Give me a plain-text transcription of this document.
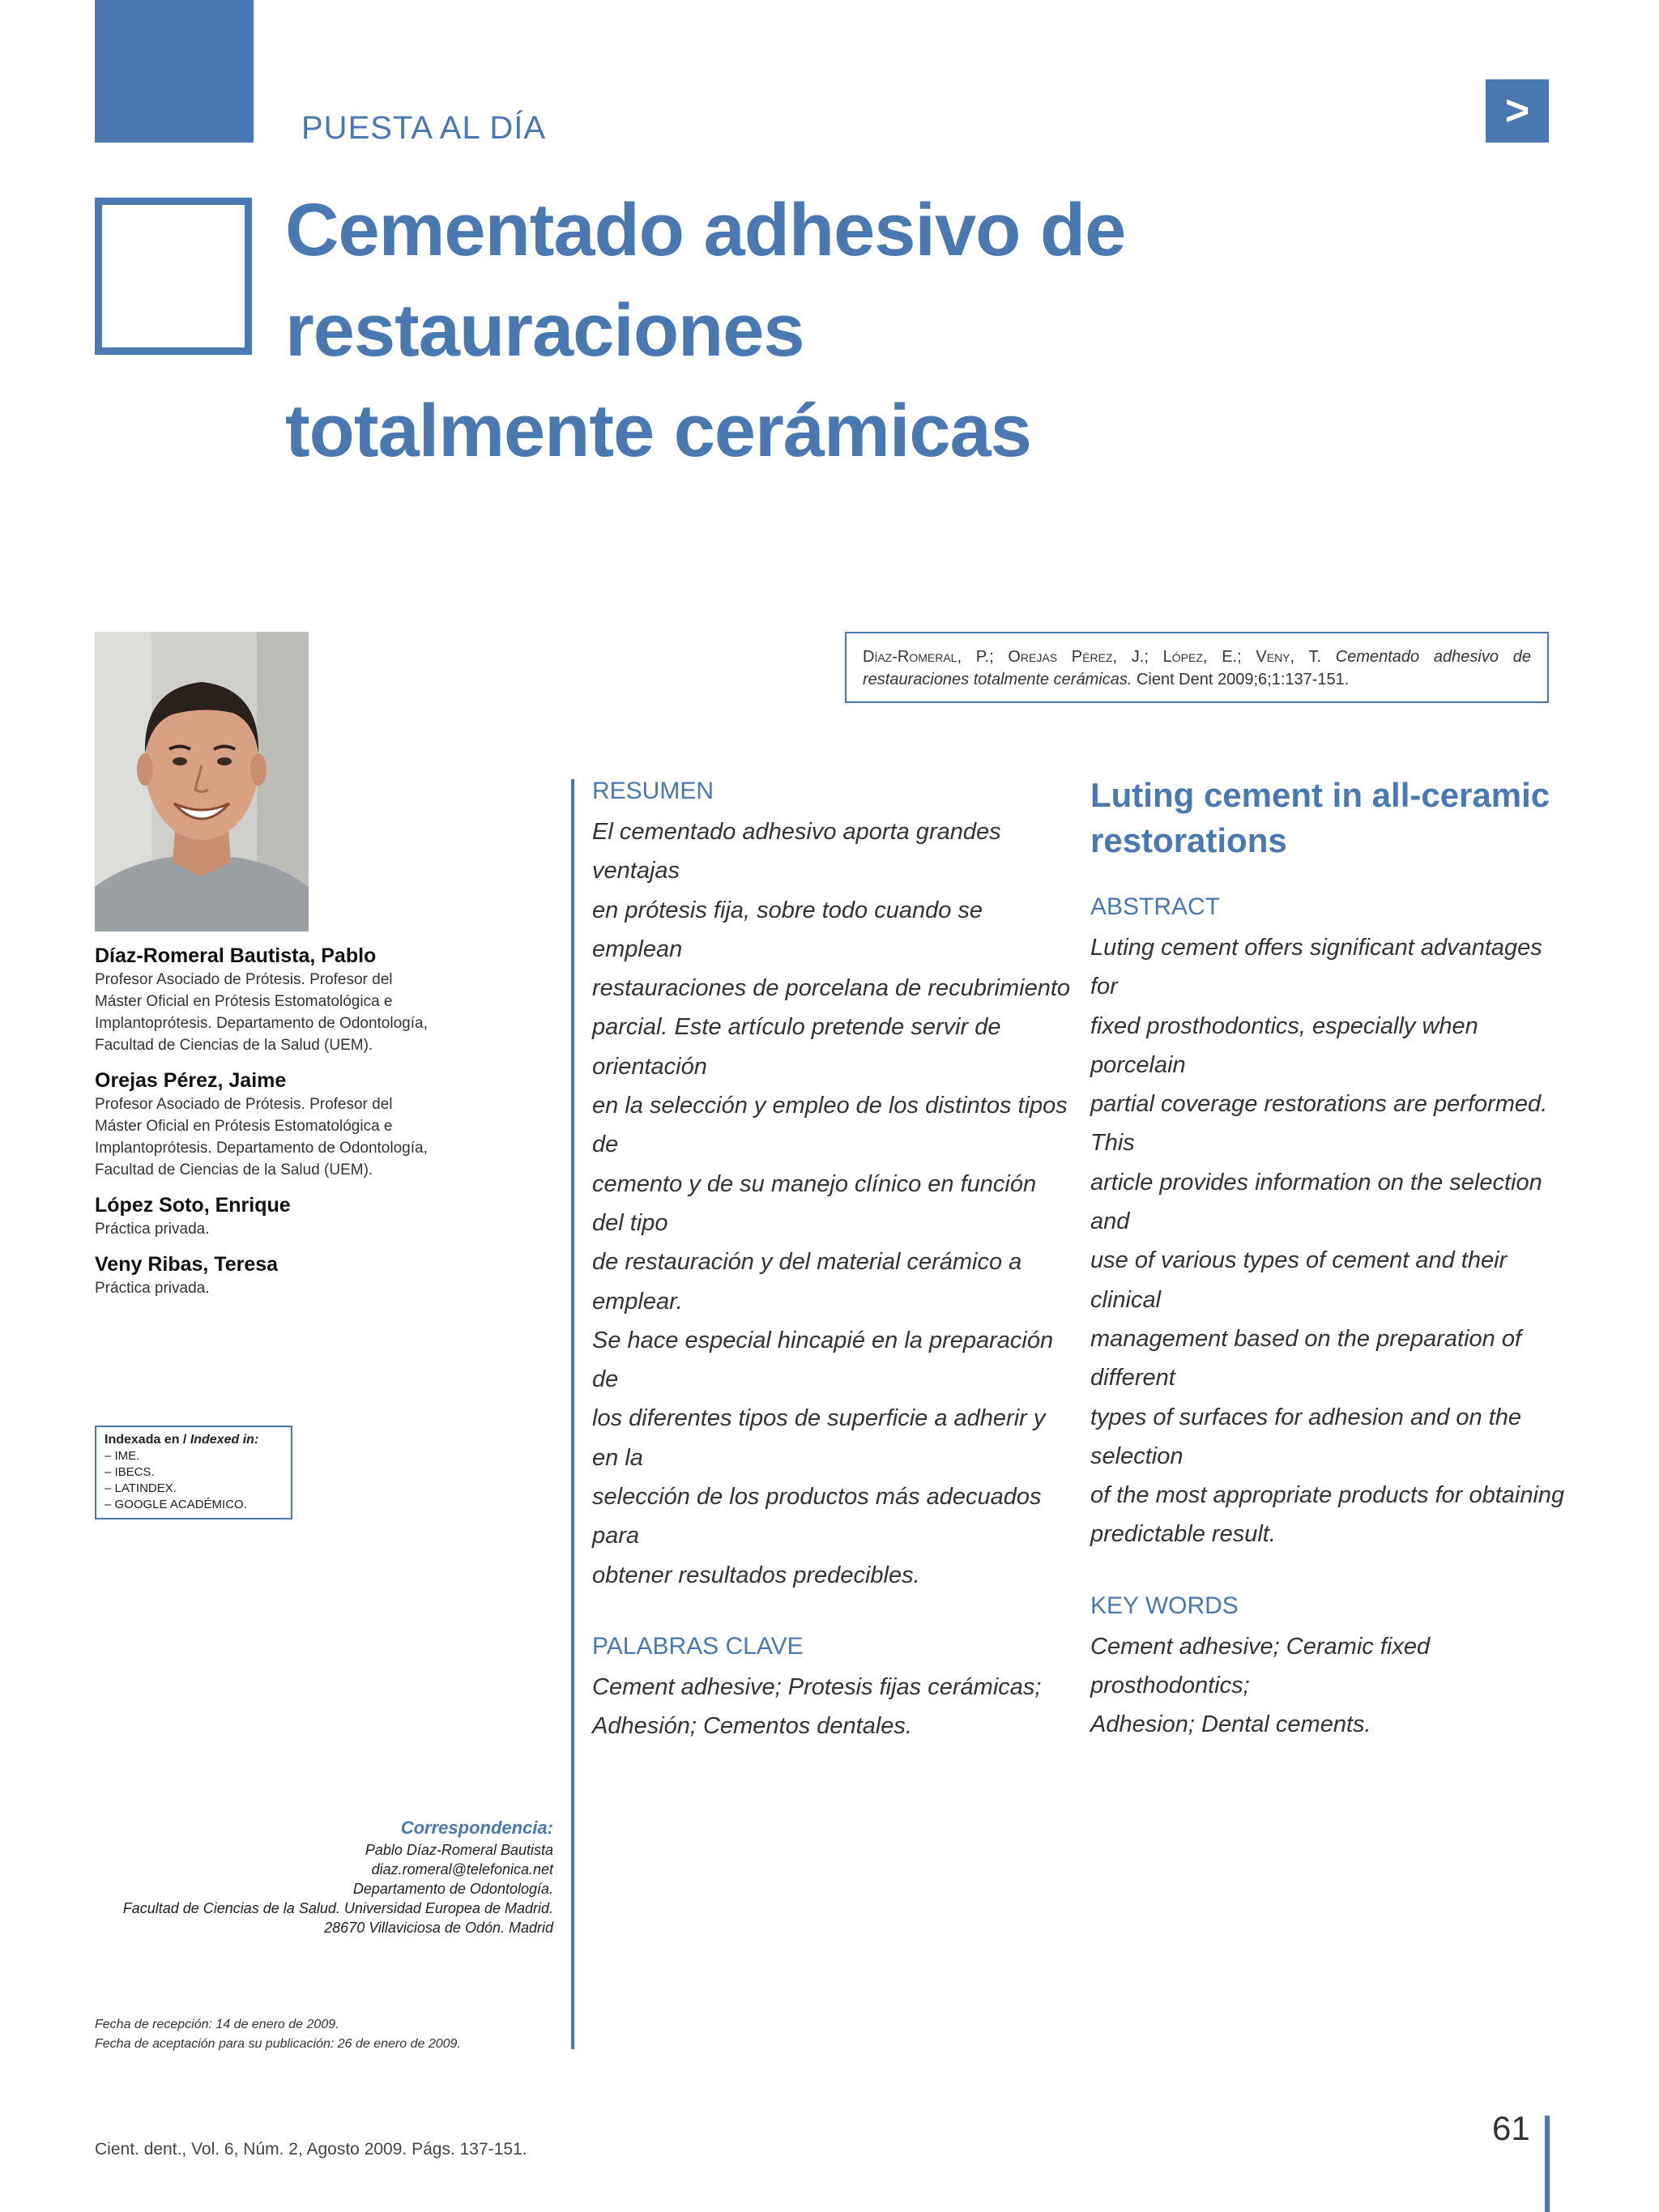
PUESTA AL DÍA	>
Cementado adhesivo de restauraciones
totalmente cerámicas
Díaz-Romeral Bautista, Pablo
Profesor Asociado de Prótesis. Profesor del
Máster Oficial en Prótesis Estomatológica e
Implantoprótesis. Departamento de Odontología,
Facultad de Ciencias de la Salud (UEM).
Orejas Pérez, Jaime
Profesor Asociado de Prótesis. Profesor del
Máster Oficial en Prótesis Estomatológica e
Implantoprótesis. Departamento de Odontología,
Facultad de Ciencias de la Salud (UEM).
López Soto, Enrique
Práctica privada.
Veny Ribas, Teresa
Práctica privada.
Indexada en / Indexed in:
– IME.
– IBECS.
– LATINDEX.
– GOOGLE ACADÉMICO.
Correspondencia:
Pablo Díaz-Romeral Bautista
diaz.romeral@telefonica.net
Departamento de Odontología.
Facultad de Ciencias de la Salud. Universidad Europea de Madrid.
28670 Villaviciosa de Odón. Madrid
Fecha de recepción: 14 de enero de 2009.
Fecha de aceptación para su publicación: 26 de enero de 2009.
Díaz-Romeral, P.; Orejas Pérez, J.; López, E.; Veny, T. Cementado adhesivo de restauraciones totalmente cerámicas. Cient Dent 2009;6;1:137-151.
RESUMEN
El cementado adhesivo aporta grandes ventajas
en prótesis fija, sobre todo cuando se emplean
restauraciones de porcelana de recubrimiento
parcial. Este artículo pretende servir de orientación
en la selección y empleo de los distintos tipos de
cemento y de su manejo clínico en función del tipo
de restauración y del material cerámico a emplear.
Se hace especial hincapié en la preparación de
los diferentes tipos de superficie a adherir y en la
selección de los productos más adecuados para
obtener resultados predecibles.
PALABRAS CLAVE
Cement adhesive; Protesis fijas cerámicas;
Adhesión; Cementos dentales.
Luting cement in all-ceramic
restorations
ABSTRACT
Luting cement offers significant advantages for
fixed prosthodontics, especially when porcelain
partial coverage restorations are performed. This
article provides information on the selection and
use of various types of cement and their clinical
management based on the preparation of different
types of surfaces for adhesion and on the selection
of the most appropriate products for obtaining
predictable result.
KEY WORDS
Cement adhesive; Ceramic fixed prosthodontics;
Adhesion; Dental cements.
Cient. dent., Vol. 6, Núm. 2, Agosto 2009. Págs. 137-151.
61
